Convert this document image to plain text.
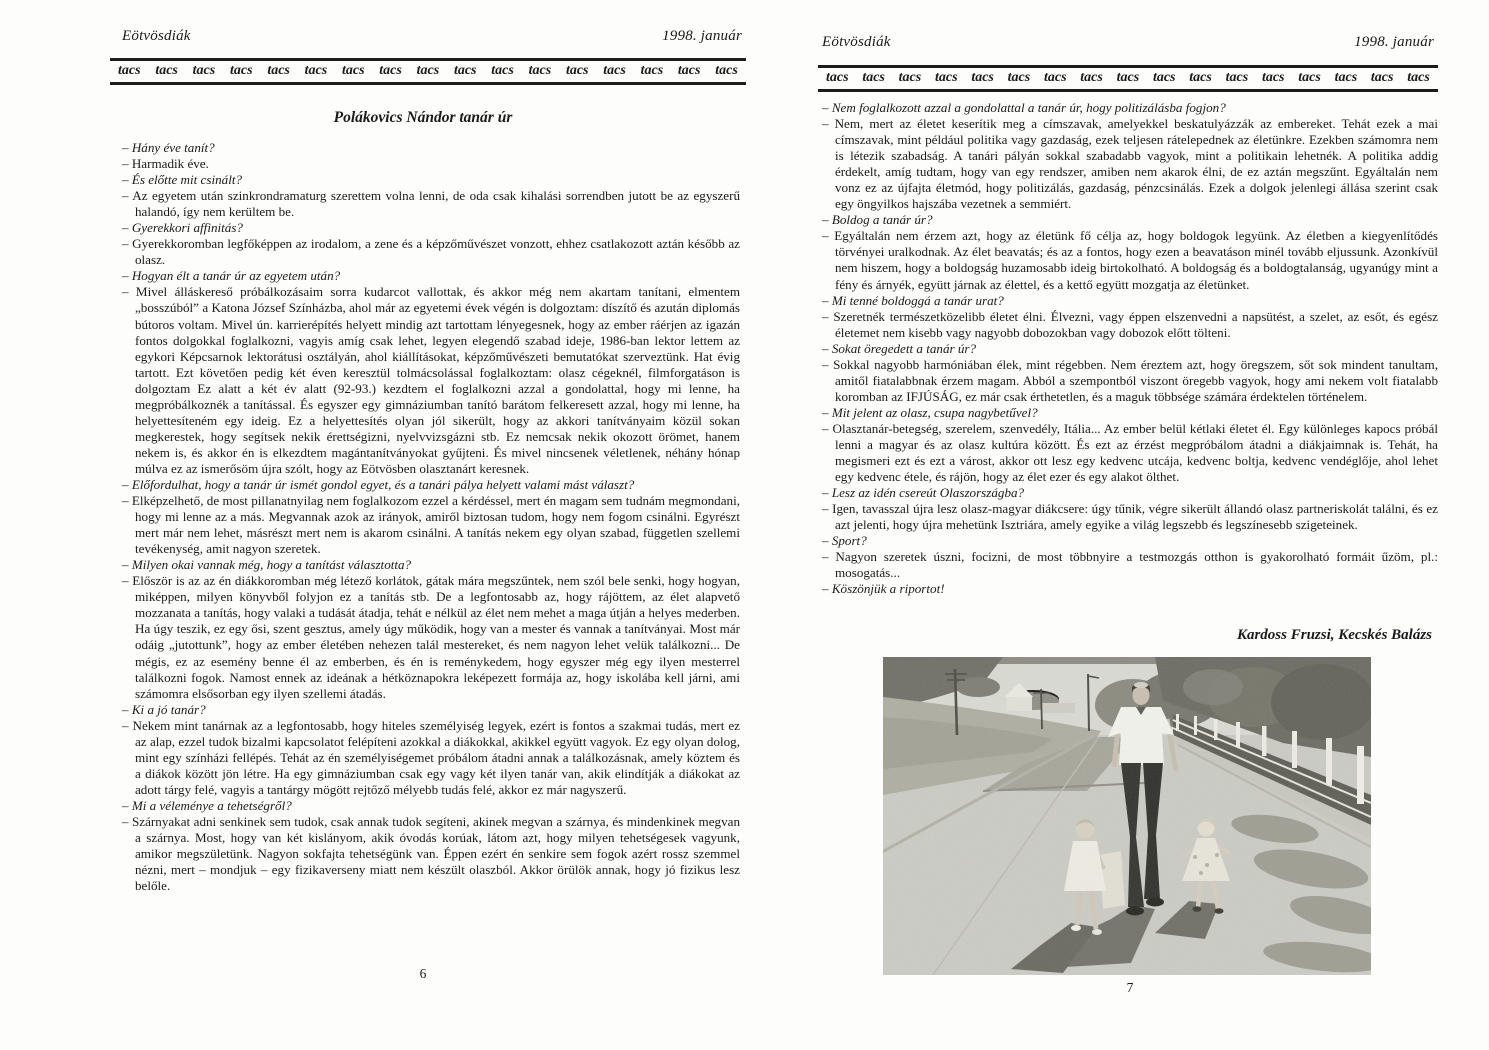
Eötvösdiák	1998. január
tacs tacs tacs tacs tacs tacs tacs tacs tacs tacs tacs tacs tacs tacs tacs tacs tacs
Polákovics Nándor tanár úr

– Hány éve tanít?

– Harmadik éve.

– És előtte mit csinált?

– Az egyetem után szinkrondramaturg szerettem volna lenni, de oda csak kihalási sorrendben jutott be az egyszerű halandó, így nem kerültem be.

– Gyerekkori affinitás?

– Gyerekkoromban legfőképpen az irodalom, a zene és a képzőművészet vonzott, ehhez csatlakozott aztán később az olasz.

– Hogyan élt a tanár úr az egyetem után?

– Mivel álláskereső próbálkozásaim sorra kudarcot vallottak, és akkor még nem akartam tanítani, elmentem „bosszúból” a Katona József Színházba, ahol már az egyetemi évek végén is dolgoztam: díszítő és azután diplomás bútoros voltam. Mivel ún. karrierépítés helyett mindig azt tartottam lényegesnek, hogy az ember ráérjen az igazán fontos dolgokkal foglalkozni, vagyis amíg csak lehet, legyen elegendő szabad ideje, 1986-ban lektor lettem az egykori Képcsarnok lektorátusi osztályán, ahol kiállításokat, képzőművészeti bemutatókat szerveztünk. Hat évig tartott. Ezt követően pedig két éven keresztül tolmácsolással foglalkoztam: olasz cégeknél, filmforgatáson is dolgoztam Ez alatt a két év alatt (92-93.) kezdtem el foglalkozni azzal a gondolattal, hogy mi lenne, ha megpróbálkoznék a tanítással. És egyszer egy gimnáziumban tanító barátom felkeresett azzal, hogy mi lenne, ha helyettesíteném egy ideig. Ez a helyettesítés olyan jól sikerült, hogy az akkori tanítványaim közül sokan megkerestek, hogy segítsek nekik érettségizni, nyelvvizsgázni stb. Ez nemcsak nekik okozott örömet, hanem nekem is, és akkor én is elkezdtem magántanítványokat gyűjteni. És mivel nincsenek véletlenek, néhány hónap múlva ez az ismerősöm újra szólt, hogy az Eötvösben olasztanárt keresnek.

– Előfordulhat, hogy a tanár úr ismét gondol egyet, és a tanári pálya helyett valami mást választ?

– Elképzelhető, de most pillanatnyilag nem foglalkozom ezzel a kérdéssel, mert én magam sem tudnám megmondani, hogy mi lenne az a más. Megvannak azok az irányok, amiről biztosan tudom, hogy nem fogom csinálni. Egyrészt mert már nem lehet, másrészt mert nem is akarom csinálni. A tanítás nekem egy olyan szabad, független szellemi tevékenység, amit nagyon szeretek.

– Milyen okai vannak még, hogy a tanítást választotta?

– Először is az az én diákkoromban még létező korlátok, gátak mára megszűntek, nem szól bele senki, hogy hogyan, miképpen, milyen könyvből folyjon ez a tanítás stb. De a legfontosabb az, hogy rájöttem, az élet alapvető mozzanata a tanítás, hogy valaki a tudását átadja, tehát e nélkül az élet nem mehet a maga útján a helyes mederben. Ha úgy teszik, ez egy ősi, szent gesztus, amely úgy működik, hogy van a mester és vannak a tanítványai. Most már odáig „jutottunk”, hogy az ember életében nehezen talál mestereket, és nem nagyon lehet velük találkozni... De mégis, ez az esemény benne él az emberben, és én is reménykedem, hogy egyszer még egy ilyen mesterrel találkozni fogok. Namost ennek az ideának a hétköznapokra leképezett formája az, hogy iskolába kell járni, ami számomra elsősorban egy ilyen szellemi átadás.

– Ki a jó tanár?

– Nekem mint tanárnak az a legfontosabb, hogy hiteles személyiség legyek, ezért is fontos a szakmai tudás, mert ez az alap, ezzel tudok bizalmi kapcsolatot felépíteni azokkal a diákokkal, akikkel együtt vagyok. Ez egy olyan dolog, mint egy színházi fellépés. Tehát az én személyiségemet próbálom átadni annak a találkozásnak, amely köztem és a diákok között jön létre. Ha egy gimnáziumban csak egy vagy két ilyen tanár van, akik elindítják a diákokat az adott tárgy felé, vagyis a tantárgy mögött rejtőző mélyebb tudás felé, akkor ez már nagyszerű.

– Mi a véleménye a tehetségről?

– Szárnyakat adni senkinek sem tudok, csak annak tudok segíteni, akinek megvan a szárnya, és mindenkinek megvan a szárnya. Most, hogy van két kislányom, akik óvodás korúak, látom azt, hogy milyen tehetségesek vagyunk, amikor megszületünk. Nagyon sokfajta tehetségünk van. Éppen ezért én senkire sem fogok azért rossz szemmel nézni, mert – mondjuk – egy fizikaverseny miatt nem készült olaszból. Akkor örülök annak, hogy jó fizikus lesz belőle.

6
Eötvösdiák	1998. január
tacs tacs tacs tacs tacs tacs tacs tacs tacs tacs tacs tacs tacs tacs tacs tacs tacs

– Nem foglalkozott azzal a gondolattal a tanár úr, hogy politizálásba fogjon?

– Nem, mert az életet keserítik meg a címszavak, amelyekkel beskatulyázzák az embereket. Tehát ezek a mai címszavak, mint például politika vagy gazdaság, ezek teljesen rátelepednek az életünkre. Ezekben számomra nem is létezik szabadság. A tanári pályán sokkal szabadabb vagyok, mint a politikain lehetnék. A politika addig érdekelt, amíg tudtam, hogy van egy rendszer, amiben nem akarok élni, de ez aztán megszűnt. Egyáltalán nem vonz ez az újfajta életmód, hogy politizálás, gazdaság, pénzcsinálás. Ezek a dolgok jelenlegi állása szerint csak egy öngyilkos hajszába vezetnek a semmiért.

– Boldog a tanár úr?

– Egyáltalán nem érzem azt, hogy az életünk fő célja az, hogy boldogok legyünk. Az életben a kiegyenlítődés törvényei uralkodnak. Az élet beavatás; és az a fontos, hogy ezen a beavatáson minél tovább eljussunk. Azonkívül nem hiszem, hogy a boldogság huzamosabb ideig birtokolható. A boldogság és a boldogtalanság, ugyanúgy mint a fény és árnyék, együtt járnak az élettel, és a kettő együtt mozgatja az életünket.

– Mi tenné boldoggá a tanár urat?

– Szeretnék természetközelibb életet élni. Élvezni, vagy éppen elszenvedni a napsütést, a szelet, az esőt, és egész életemet nem kisebb vagy nagyobb dobozokban vagy dobozok előtt tölteni.

– Sokat öregedett a tanár úr?

– Sokkal nagyobb harmóniában élek, mint régebben. Nem éreztem azt, hogy öregszem, sőt sok mindent tanultam, amitől fiatalabbnak érzem magam. Abból a szempontból viszont öregebb vagyok, hogy ami nekem volt fiatalabb koromban az IFJÚSÁG, ez már csak érthetetlen, és a maguk többsége számára érdektelen történelem.

– Mit jelent az olasz, csupa nagybetűvel?

– Olasztanár-betegség, szerelem, szenvedély, Itália... Az ember belül kétlaki életet él. Egy különleges kapocs próbál lenni a magyar és az olasz kultúra között. És ezt az érzést megpróbálom átadni a diákjaimnak is. Tehát, ha megismeri ezt és ezt a várost, akkor ott lesz egy kedvenc utcája, kedvenc boltja, kedvenc vendéglője, ahol lehet egy kedvenc étele, és rájön, hogy az élet ezer és egy alakot ölthet.

– Lesz az idén csereút Olaszországba?

– Igen, tavasszal újra lesz olasz-magyar diákcsere: úgy tűnik, végre sikerült állandó olasz partneriskolát találni, és ez azt jelenti, hogy újra mehetünk Isztriára, amely egyike a világ legszebb és legszínesebb szigeteinek.

– Sport?

– Nagyon szeretek úszni, focizni, de most többnyire a testmozgás otthon is gyakorolható formáit űzöm, pl.: mosogatás...

– Köszönjük a riportot!

Kardoss Fruzsi, Kecskés Balázs
7
